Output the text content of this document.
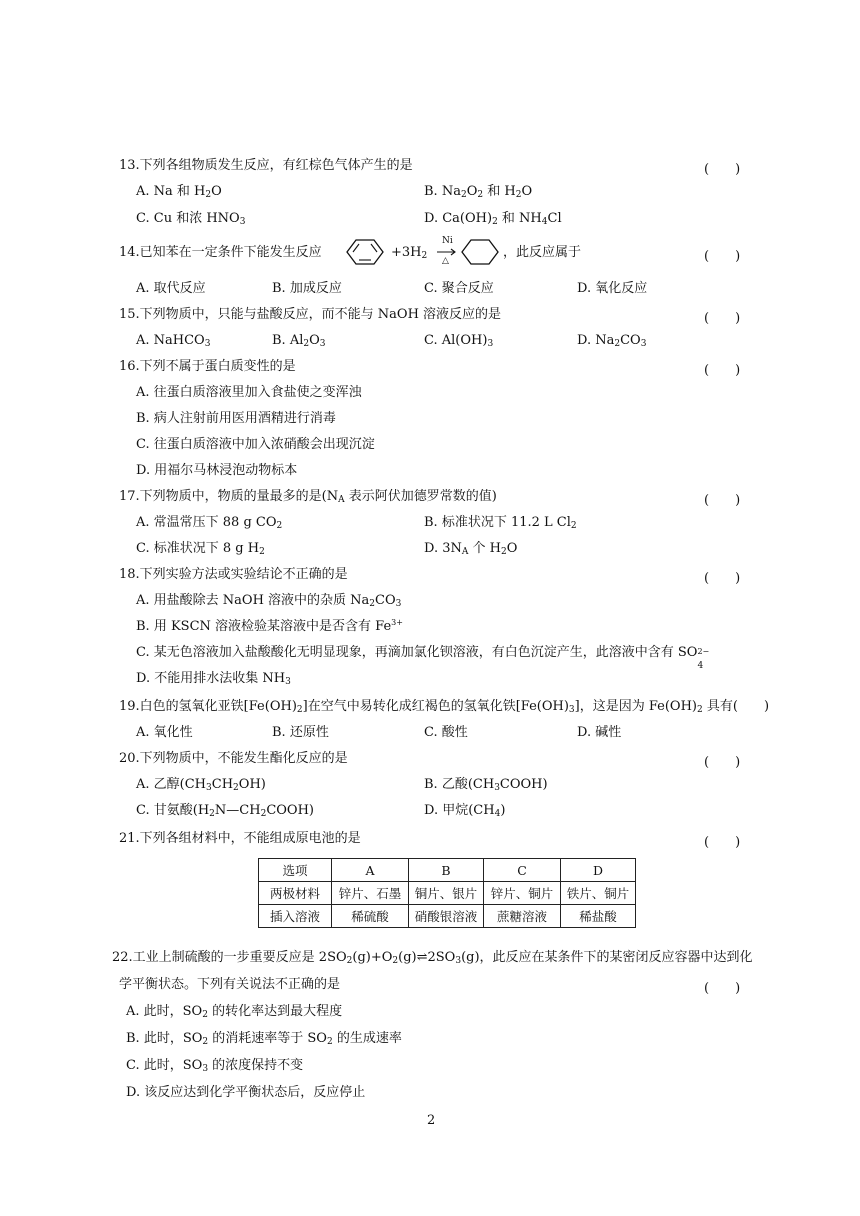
13.下列各组物质发生反应，有红棕色气体产生的是	(　　)
A. Na 和 $H_2O$	B. $Na_2O_2$ 和 $H_2O$
C. Cu 和浓 $HNO_3$	D. $Ca(OH)_2$ 和 $NH_4Cl$
14.已知苯在一定条件下能发生反应	$+3H_2$
Ni
△
，此反应属于	(　　)
A. 取代反应	B. 加成反应	C. 聚合反应	D. 氧化反应
15.下列物质中，只能与盐酸反应，而不能与 NaOH 溶液反应的是	(　　)
A. NaHCO$_3$	B. $Al_2O_3$	C. $Al(OH)_3$	D. $Na_2CO_3$
16.下列不属于蛋白质变性的是	(　　)
A. 往蛋白质溶液里加入食盐使之变浑浊
B. 病人注射前用医用酒精进行消毒
C. 往蛋白质溶液中加入浓硝酸会出现沉淀
D. 用福尔马林浸泡动物标本
17.下列物质中，物质的量最多的是($N_A$ 表示阿伏加德罗常数的值)	(　　)
A. 常温常压下 88 g $CO_2$	B. 标准状况下 11.2 L $Cl_2$
C. 标准状况下 8 g $H_2$	D. $3N_A$ 个 $H_2O$
18.下列实验方法或实验结论不正确的是	(　　)
A. 用盐酸除去 NaOH 溶液中的杂质 $Na_2CO_3$
B. 用 KSCN 溶液检验某溶液中是否含有 $Fe^{3+}$
C. 某无色溶液加入盐酸酸化无明显现象，再滴加氯化钡溶液，有白色沉淀产生，此溶液中含有 SO 2−
4
D. 不能用排水法收集 $NH_3$
19.白色的氢氧化亚铁$[Fe(OH)_2]$在空气中易转化成红褐色的氢氧化铁$[Fe(OH)_3]$，这是因为 $Fe(OH)_2$ 具有(　　)
A. 氧化性	B. 还原性	C. 酸性	D. 碱性
20.下列物质中，不能发生酯化反应的是	(　　)
A. 乙醇$(CH_3CH_2OH)$	B. 乙酸$(CH_3COOH)$
C. 甘氨酸$(H_2N—CH_2COOH)$	D. 甲烷$(CH_4)$
21.下列各组材料中，不能组成原电池的是	(　　)
选项	A	B	C	D
两极材料	锌片、石墨	铜片、银片	锌片、铜片	铁片、铜片
插入溶液	稀硫酸	硝酸银溶液	蔗糖溶液	稀盐酸
22.工业上制硫酸的一步重要反应是 $2SO_2(g)+O_2(g)\rightleftharpoons 2SO_3(g)$，此反应在某条件下的某密闭反应容器中达到化
学平衡状态。下列有关说法不正确的是	(　　)
A. 此时，$SO_2$ 的转化率达到最大程度
B. 此时，$SO_2$ 的消耗速率等于 $SO_2$ 的生成速率
C. 此时，$SO_3$ 的浓度保持不变
D. 该反应达到化学平衡状态后，反应停止
2
